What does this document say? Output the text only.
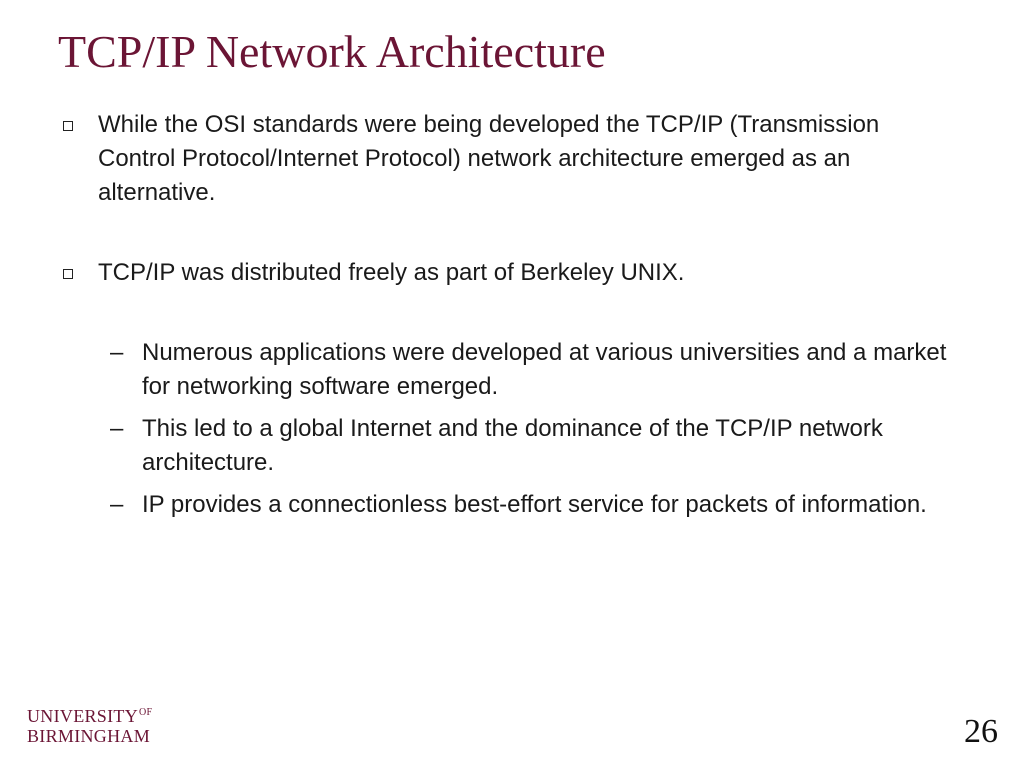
TCP/IP Network Architecture
While the OSI standards were being developed the TCP/IP (Transmission Control Protocol/Internet Protocol) network architecture emerged as an alternative.
TCP/IP was distributed freely as part of Berkeley UNIX.
– Numerous applications were developed at various universities and a market for networking software emerged.
– This led to a global Internet and the dominance of the TCP/IP network architecture.
– IP provides a connectionless best-effort service for packets of information.
$UNIVERSITY^{OF}$
BIRMINGHAM	26
